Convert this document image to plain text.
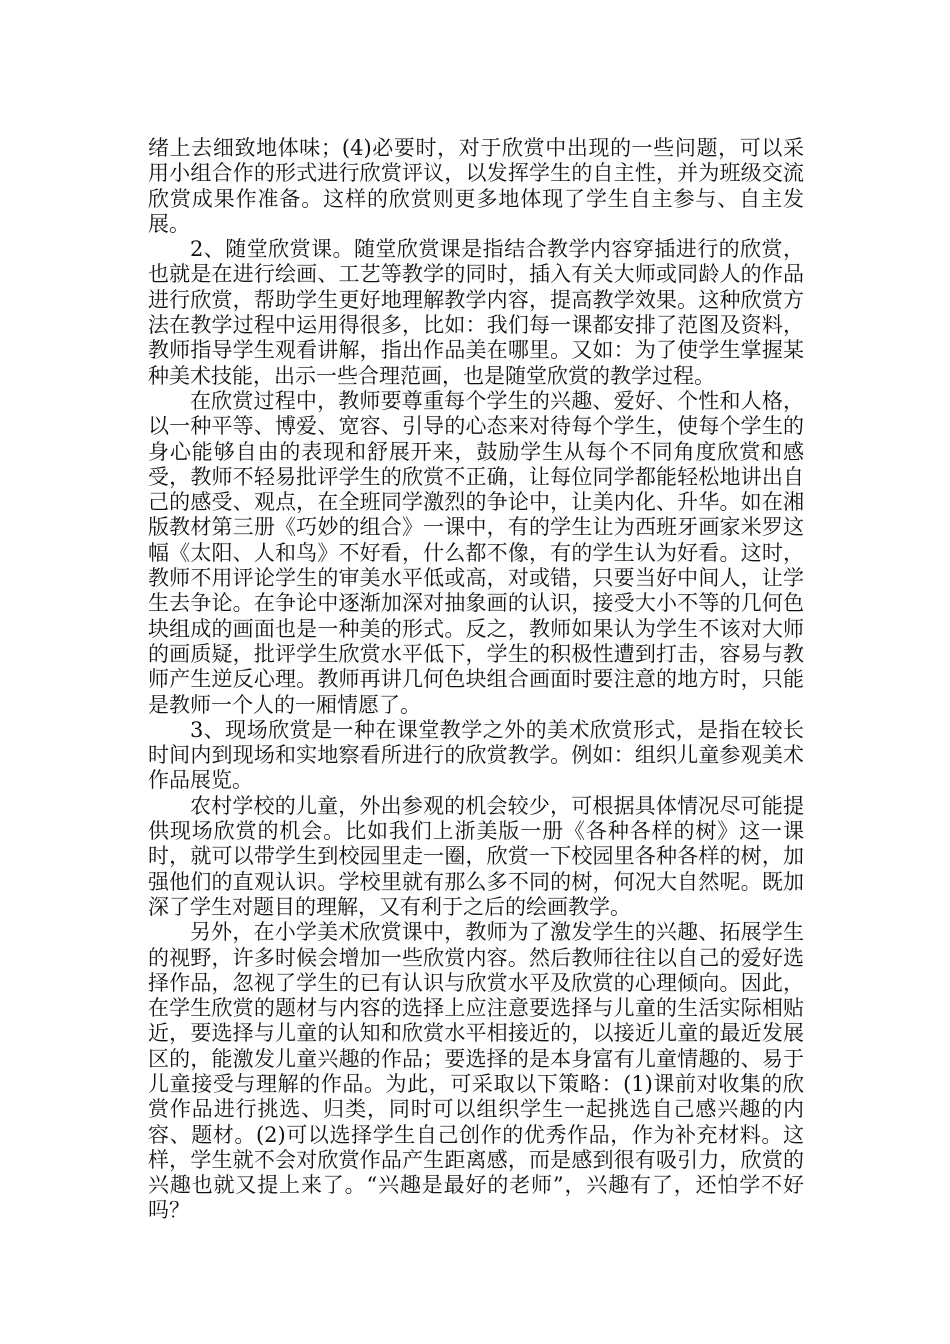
绪上去细致地体味；(4)必要时，对于欣赏中出现的一些问题，可以采用小组合作的形式进行欣赏评议，以发挥学生的自主性，并为班级交流欣赏成果作准备。这样的欣赏则更多地体现了学生自主参与、自主发展。

2、随堂欣赏课。随堂欣赏课是指结合教学内容穿插进行的欣赏，也就是在进行绘画、工艺等教学的同时，插入有关大师或同龄人的作品进行欣赏，帮助学生更好地理解教学内容，提高教学效果。这种欣赏方法在教学过程中运用得很多，比如：我们每一课都安排了范图及资料，教师指导学生观看讲解，指出作品美在哪里。又如：为了使学生掌握某种美术技能，出示一些合理范画，也是随堂欣赏的教学过程。

在欣赏过程中，教师要尊重每个学生的兴趣、爱好、个性和人格，以一种平等、博爱、宽容、引导的心态来对待每个学生，使每个学生的身心能够自由的表现和舒展开来，鼓励学生从每个不同角度欣赏和感受，教师不轻易批评学生的欣赏不正确，让每位同学都能轻松地讲出自己的感受、观点，在全班同学激烈的争论中，让美内化、升华。如在湘版教材第三册《巧妙的组合》一课中，有的学生让为西班牙画家米罗这幅《太阳、人和鸟》不好看，什么都不像，有的学生认为好看。这时，教师不用评论学生的审美水平低或高，对或错，只要当好中间人，让学生去争论。在争论中逐渐加深对抽象画的认识，接受大小不等的几何色块组成的画面也是一种美的形式。反之，教师如果认为学生不该对大师的画质疑，批评学生欣赏水平低下，学生的积极性遭到打击，容易与教师产生逆反心理。教师再讲几何色块组合画面时要注意的地方时，只能是教师一个人的一厢情愿了。

3、现场欣赏是一种在课堂教学之外的美术欣赏形式，是指在较长时间内到现场和实地察看所进行的欣赏教学。例如：组织儿童参观美术作品展览。

农村学校的儿童，外出参观的机会较少，可根据具体情况尽可能提供现场欣赏的机会。比如我们上浙美版一册《各种各样的树》这一课时，就可以带学生到校园里走一圈，欣赏一下校园里各种各样的树，加强他们的直观认识。学校里就有那么多不同的树，何况大自然呢。既加深了学生对题目的理解，又有利于之后的绘画教学。

另外，在小学美术欣赏课中，教师为了激发学生的兴趣、拓展学生的视野，许多时候会增加一些欣赏内容。然后教师往往以自己的爱好选择作品，忽视了学生的已有认识与欣赏水平及欣赏的心理倾向。因此，在学生欣赏的题材与内容的选择上应注意要选择与儿童的生活实际相贴近，要选择与儿童的认知和欣赏水平相接近的，以接近儿童的最近发展区的，能激发儿童兴趣的作品；要选择的是本身富有儿童情趣的、易于儿童接受与理解的作品。为此，可采取以下策略：(1)课前对收集的欣赏作品进行挑选、归类，同时可以组织学生一起挑选自己感兴趣的内容、题材。(2)可以选择学生自己创作的优秀作品，作为补充材料。这样，学生就不会对欣赏作品产生距离感，而是感到很有吸引力，欣赏的兴趣也就又提上来了。“兴趣是最好的老师”，兴趣有了，还怕学不好吗？
